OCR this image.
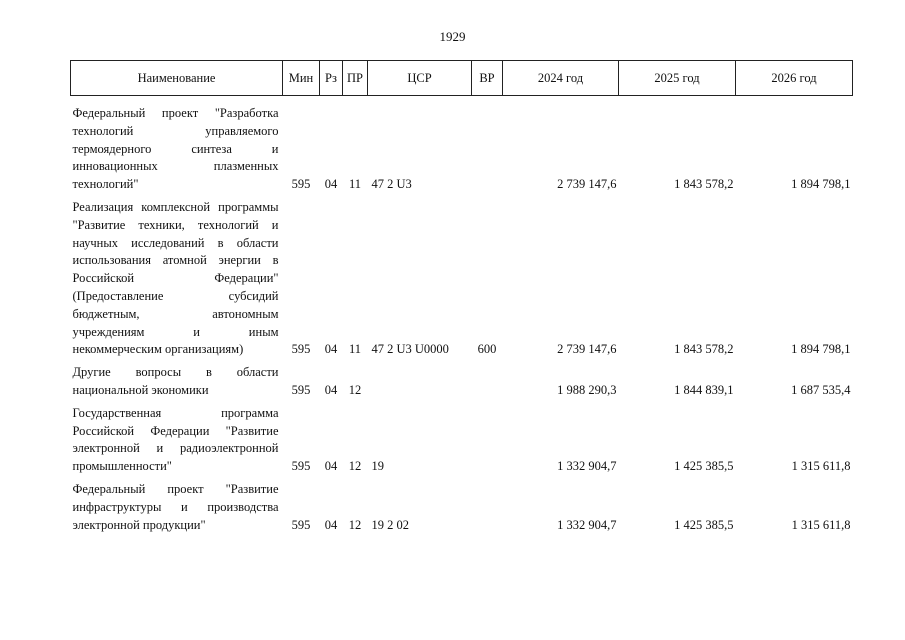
1929
Наименование	Мин	Рз	ПР	ЦСР	ВР	2024 год	2025 год	2026 год
Федеральный проект "Разработка технологий управляемого термоядерного синтеза и инновационных плазменных технологий"	595	04	11	47 2 U3		2 739 147,6	1 843 578,2	1 894 798,1
Реализация комплексной программы "Развитие техники, технологий и научных исследований в области использования атомной энергии в Российской Федерации" (Предоставление субсидий бюджетным, автономным учреждениям и иным некоммерческим организациям)	595	04	11	47 2 U3 U0000	600	2 739 147,6	1 843 578,2	1 894 798,1
Другие вопросы в области национальной экономики	595	04	12			1 988 290,3	1 844 839,1	1 687 535,4
Государственная программа Российской Федерации "Развитие электронной и радиоэлектронной промышленности"	595	04	12	19		1 332 904,7	1 425 385,5	1 315 611,8
Федеральный проект "Развитие инфраструктуры и производства электронной продукции"	595	04	12	19 2 02		1 332 904,7	1 425 385,5	1 315 611,8
